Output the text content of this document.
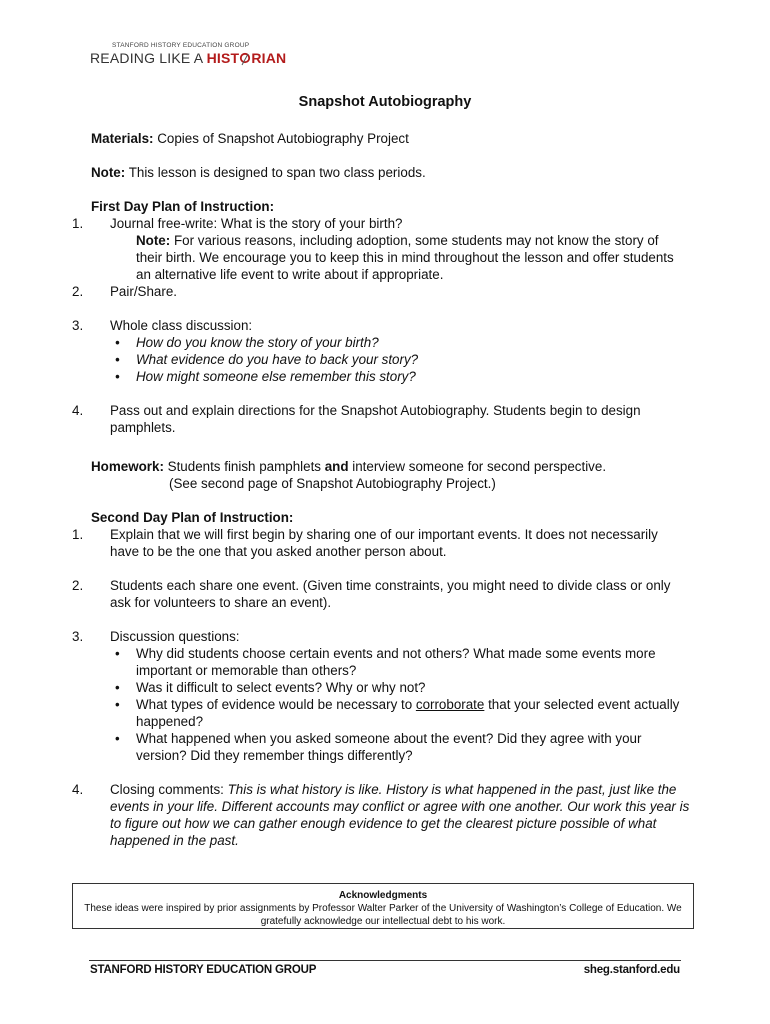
STANFORD HISTORY EDUCATION GROUP
READING LIKE A HIST RIAN
Snapshot Autobiography
Materials: Copies of Snapshot Autobiography Project
Note: This lesson is designed to span two class periods.
First Day Plan of Instruction:
1. Journal free-write: What is the story of your birth?
Note: For various reasons, including adoption, some students may not know the story of their birth. We encourage you to keep this in mind throughout the lesson and offer students an alternative life event to write about if appropriate.
2. Pair/Share.
3. Whole class discussion:
• How do you know the story of your birth?
• What evidence do you have to back your story?
• How might someone else remember this story?
4. Pass out and explain directions for the Snapshot Autobiography. Students begin to design pamphlets.
Homework: Students finish pamphlets and interview someone for second perspective.
(See second page of Snapshot Autobiography Project.)
Second Day Plan of Instruction:
1. Explain that we will first begin by sharing one of our important events. It does not necessarily have to be the one that you asked another person about.
2. Students each share one event. (Given time constraints, you might need to divide class or only ask for volunteers to share an event).
3. Discussion questions:
• Why did students choose certain events and not others? What made some events more important or memorable than others?
• Was it difficult to select events? Why or why not?
• What types of evidence would be necessary to corroborate that your selected event actually happened?
• What happened when you asked someone about the event? Did they agree with your version? Did they remember things differently?
4. Closing comments: This is what history is like. History is what happened in the past, just like the events in your life. Different accounts may conflict or agree with one another. Our work this year is to figure out how we can gather enough evidence to get the clearest picture possible of what happened in the past.
Acknowledgments
These ideas were inspired by prior assignments by Professor Walter Parker of the University of Washington’s College of Education. We gratefully acknowledge our intellectual debt to his work.
STANFORD HISTORY EDUCATION GROUP	sheg.stanford.edu
